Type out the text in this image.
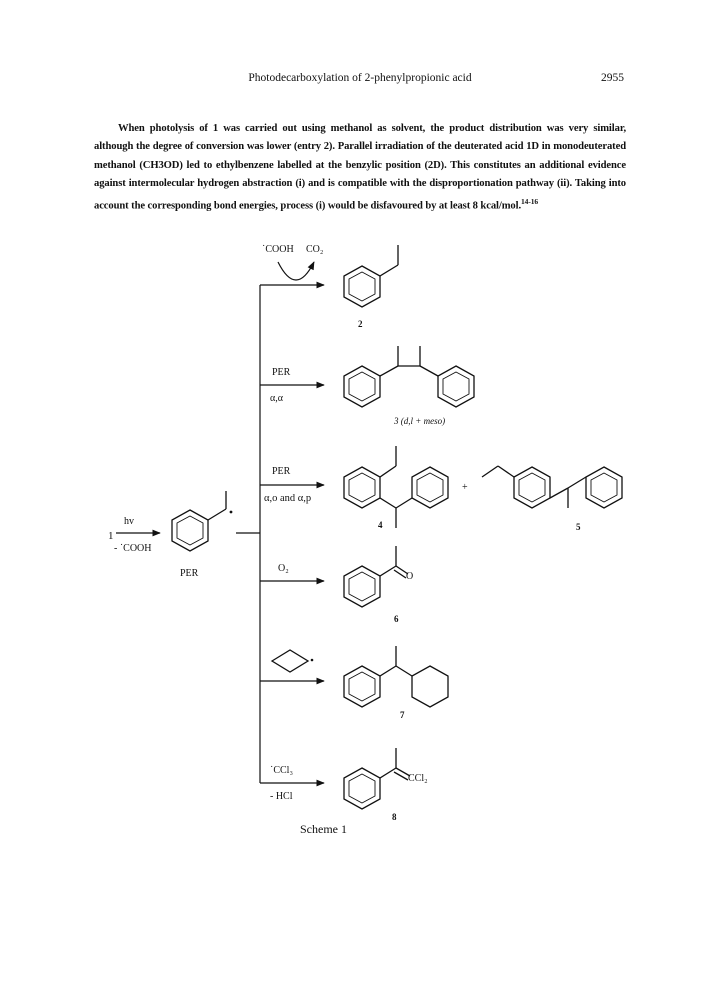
Photodecarboxylation of 2-phenylpropionic acid	2955

When photolysis of 1 was carried out using methanol as solvent, the product distribution was very similar, although the degree of conversion was lower (entry 2). Parallel irradiation of the deuterated acid 1D in monodeuterated methanol (CH3OD) led to ethylbenzene labelled at the benzylic position (2D). This constitutes an additional evidence against intermolecular hydrogen abstraction (i) and is compatible with the disproportionation pathway (ii). Taking into account the corresponding bond energies, process (i) would be disfavoured by at least 8 kcal/mol.$^{14-16}$

1
hv
- ˙COOH
PER
˙COOH CO₂
2
PER
α,α
3 (d,l + meso)
PER
α,o and α,p
4
+
5
O₂
O
6
7
˙CCl₃
- HCl
CCl₂
8
Scheme 1
